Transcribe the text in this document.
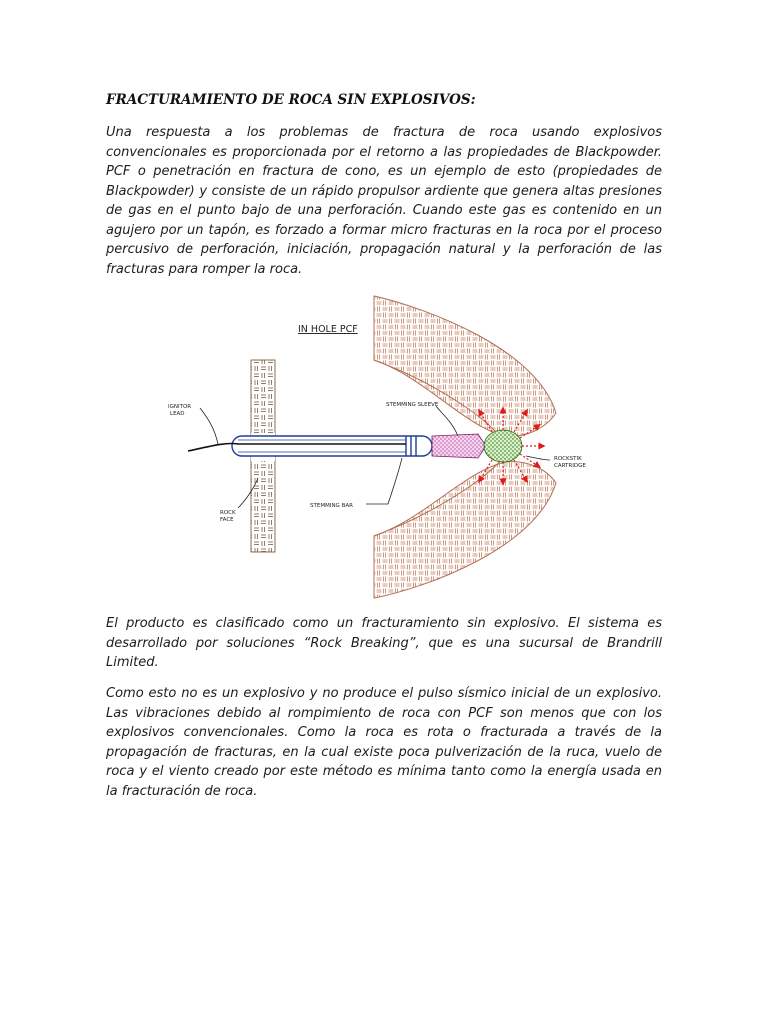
FRACTURAMIENTO DE ROCA SIN EXPLOSIVOS:

Una respuesta a los problemas de fractura de roca usando explosivos convencionales es proporcionada por el retorno a las propiedades de Blackpowder. PCF o penetración en fractura de cono, es un ejemplo de esto (propiedades de Blackpowder) y consiste de un rápido propulsor ardiente que genera altas presiones de gas en el punto bajo de una perforación. Cuando este gas es contenido en un agujero por un tapón, es forzado a formar micro fracturas en la roca por el proceso percusivo de perforación, iniciación, propagación natural y la perforación de las fracturas para romper la roca.

IN HOLE PCF
IGNITOR
LEAD
ROCK
FACE
STEMMING SLEEVE
STEMMING BAR
ROCKSTIK
CARTRIDGE

El producto es clasificado como un fracturamiento sin explosivo. El sistema es desarrollado por soluciones “Rock Breaking”, que es una sucursal de Brandrill Limited.

Como esto no es un explosivo y no produce el pulso sísmico inicial de un explosivo. Las vibraciones debido al rompimiento de roca con PCF son menos que con los explosivos convencionales. Como la roca es rota o fracturada a través de la propagación de fracturas, en la cual existe poca pulverización de la ruca, vuelo de roca y el viento creado por este método es mínima tanto como la energía usada en la fracturación de roca.
